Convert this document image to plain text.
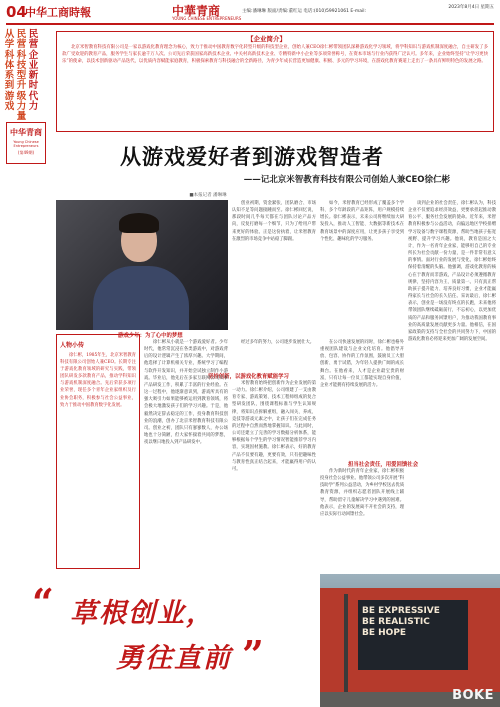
04
中华工商時報	中華青商
YOUNG CHINESE ENTREPRENEURS
主编:潘琳琳 版面/责编:董红运 电话:(010)59921061 E-mail:
2023年8月4日 星期五
从学科体系到游戏
民营科技型升级力量
民营企业新时代力
中华青商
Young Chinese Entrepreneurs
(第49期)
【企业简介】

北京米智教育科技有限公司是一家以游戏化教育理念为核心，致力于推动中国教育数字化转型升级的科技型企业，创始人兼CEO徐仁彬带领团队深耕游戏化学习领域，将学科知识与游戏机制深度融合，自主研发了多款广受欢迎的教育产品，服务学生与家长逾千万人次。公司先后荣获国家高新技术企业、中关村高新技术企业、专精特新中小企业等多项荣誉称号，在资本市场与行业内获得广泛认可。多年来，企业始终坚持“让学习更快乐”的使命，以技术创新驱动产品迭代，以优质内容赋能家庭教育，积极探索教育与科技融合的全新路径，为青少年成长营造更加健康、积极、多元的学习环境，在游戏化教育赛道上走出了一条具有鲜明特色的发展之路。

从游戏爱好者到游戏智造者
——记北京米智教育科技有限公司创始人兼CEO徐仁彬
■本报记者 潘琳琳

创业初期，资金紧张、团队磨合、市场认知不足等问题接踵而至。徐仁彬回忆说，那段时间几乎每天都在与团队讨论产品方向，反复打磨每一个细节，只为了给用户带来更好的体验。正是这份执着，让米智教育在激烈的市场竞争中站稳了脚跟。

如今，米智教育已经形成了覆盖多个学科、多个年龄段的产品矩阵，用户规模持续增长。徐仁彬表示，未来公司将继续加大研发投入，推动人工智能、大数据等新技术在教育场景中的深度应用，让更多孩子享受到个性化、趣味化的学习服务。

谈到企业的社会责任，徐仁彬认为，科技企业不仅要追求经济效益，更要承担起推动教育公平、服务社会发展的使命。近年来，米智教育积极参与公益活动，向偏远地区学校捐赠学习设备与数字课程资源，帮助当地孩子拓宽视野、提升学习兴趣。他说，教育是国之大计，作为一名青年企业家，能够用自己的专业所长为社会贡献一份力量，是一件非常有意义的事情。面对行业的发展与变化，徐仁彬始终保持着清醒的头脑。他强调，游戏化教育的核心在于教育而非游戏，产品设计必须遵循教育规律，坚持内容为王、质量第一。只有真正帮助孩子提升能力、培养良好习惯，企业才能赢得家长与社会的长久信任。采访最后，徐仁彬表示，创业是一场没有终点的长跑，未来他将带领团队继续砥砺前行，不忘初心，以更加优质的产品和服务回馈用户，为推动我国教育事业的高质量发展贡献更多力量。他相信，在国家政策的支持与全社会的共同努力下，中国的游戏化教育必将迎来更加广阔的发展空间。

游戏少年：为了心中的梦想
坚持创新，以游戏化教育赋能学习
担当社会责任，用爱回馈社会

徐仁彬从小就是一个游戏爱好者。少年时代，他常常沉浸在各类游戏中，对游戏背后的设计逻辑产生了浓厚兴趣。大学期间，他选择了计算机相关专业，系统学习了编程与软件开发知识，并开始尝试独立制作小游戏。毕业后，他先后在多家互联网公司从事产品研发工作，积累了丰富的行业经验。在这一过程中，他逐渐意识到，游戏所具有的强大吸引力如果能够被运用到教育领域，将会极大地激发孩子们的学习兴趣。于是，他毅然决定辞去稳定的工作，投身教育科技创业的浪潮，创办了北京米智教育科技有限公司。创业之初，团队只有寥寥数人，办公场地也十分简陋，但大家怀揣着共同的梦想，夜以继日地投入到产品研发中。

经过多年的努力，公司逐步发展壮大。

米智教育始终把创新作为企业发展的第一动力。徐仁彬介绍，公司组建了一支由教育专家、游戏策划、技术工程师组成的复合型研发团队，围绕课程标准与学生认知规律，将知识点拆解重组，融入闯关、养成、竞技等游戏元素之中，让孩子们在完成任务的过程中自然而然地掌握知识。与此同时，公司还建立了完善的学习数据分析体系，能够根据每个学生的学习情况智能推荐学习内容，实现因材施教。徐仁彬表示，好的教育产品不仅要有趣，更要有效，只有把趣味性与教育性真正结合起来，才能赢得用户的认可。

在公司快速发展的同时，徐仁彬也格外重视团队建设与企业文化培育。他倡导开放、包容、协作的工作氛围，鼓励员工大胆创新、勇于试错，为年轻人提供广阔的成长舞台。在他看来，人才是企业最宝贵的财富，只有让每一位员工都能实现自身价值，企业才能拥有持续发展的活力。

作为新时代的青年企业家，徐仁彬积极投身社会公益事业。他带领公司多次开展“科技助学”系列公益活动，为乡村学校送去优质教育资源，并组织志愿者团队开展线上辅导，帮助留守儿童解决学习中遇到的困难。他表示，企业的发展离不开社会的支持，理应以实际行动回馈社会。

人物小传

徐仁彬，1985年生，北京米智教育科技有限公司创始人兼CEO。长期专注于游戏化教育领域的研究与实践，带领团队研发多款教育产品，推动学科知识与游戏机制深度融合。先后荣获多项行业荣誉，现任多个青年企业家组织及行业协会职务，积极参与社会公益事业，致力于推动中国教育数字化发展。

“ 草根创业，
勇往直前 ”
BE EXPRESSIVE
BE REALISTIC
BE HOPE
BOKE
